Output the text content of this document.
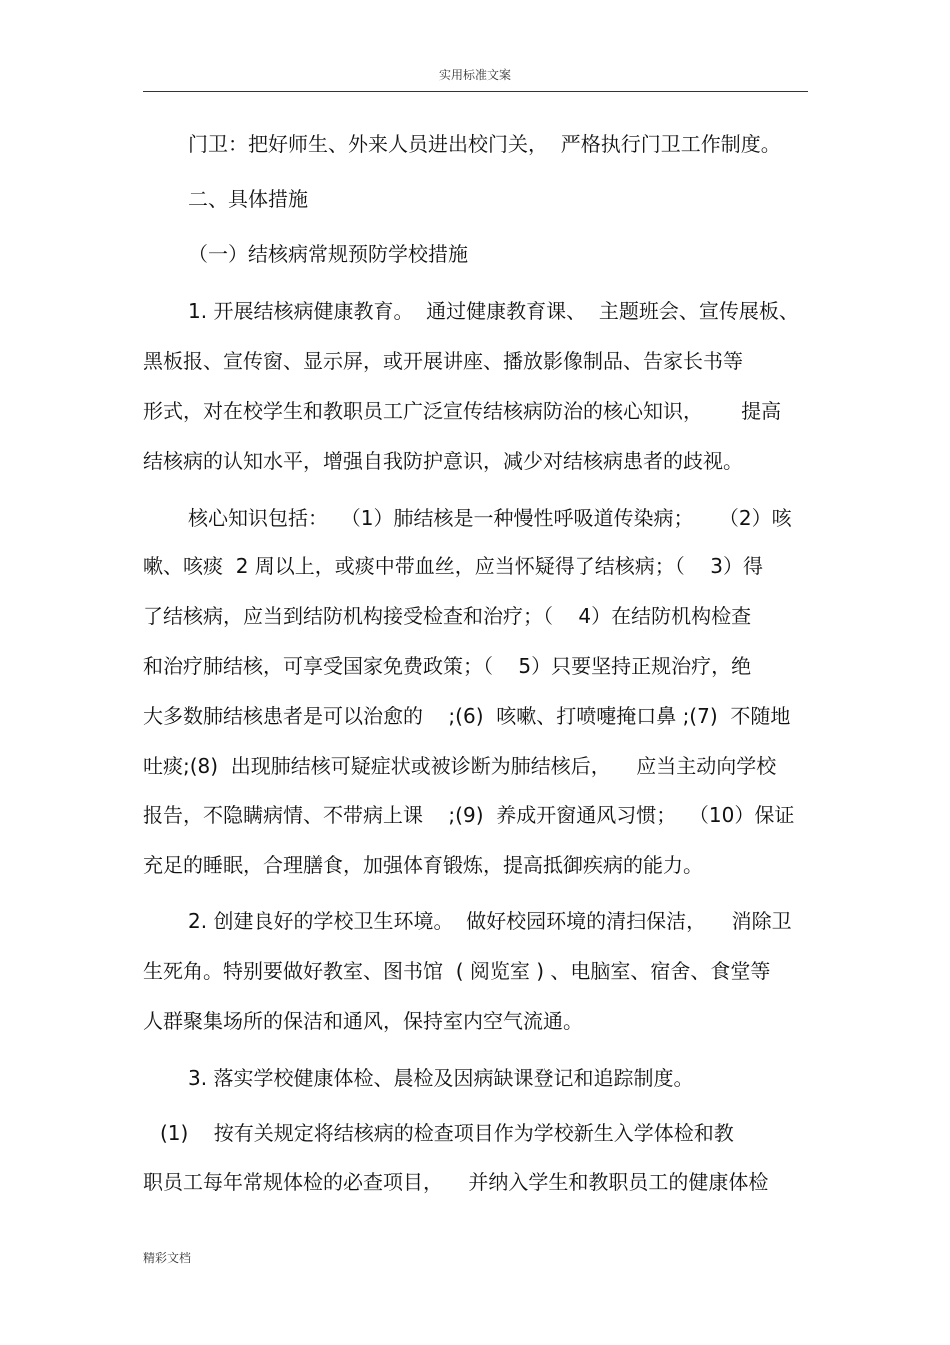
实用标准文案
门卫：把好师生、外来人员进出校门关，  严格执行门卫工作制度。
二、具体措施
（一）结核病常规预防学校措施
1. 开展结核病健康教育。  通过健康教育课、  主题班会、宣传展板、
黑板报、宣传窗、显示屏，或开展讲座、播放影像制品、告家长书等
形式，对在校学生和教职员工广泛宣传结核病防治的核心知识，      提高
结核病的认知水平，增强自我防护意识，减少对结核病患者的歧视。
核心知识包括：  （1）肺结核是一种慢性呼吸道传染病；    （2）咳
嗽、咳痰  2 周以上，或痰中带血丝，应当怀疑得了结核病；（    3）得
了结核病，应当到结防机构接受检查和治疗；（    4）在结防机构检查
和治疗肺结核，可享受国家免费政策；（    5）只要坚持正规治疗，绝
大多数肺结核患者是可以治愈的    ;(6)  咳嗽、打喷嚏掩口鼻 ;(7)  不随地
吐痰;(8)  出现肺结核可疑症状或被诊断为肺结核后，    应当主动向学校
报告，不隐瞒病情、不带病上课    ;(9)  养成开窗通风习惯；  （10）保证
充足的睡眠，合理膳食，加强体育锻炼，提高抵御疾病的能力。
2. 创建良好的学校卫生环境。  做好校园环境的清扫保洁，    消除卫
生死角。特别要做好教室、图书馆  ( 阅览室 ) 、电脑室、宿舍、食堂等
人群聚集场所的保洁和通风，保持室内空气流通。
3. 落实学校健康体检、晨检及因病缺课登记和追踪制度。
(1)    按有关规定将结核病的检查项目作为学校新生入学体检和教
职员工每年常规体检的必查项目，    并纳入学生和教职员工的健康体检
精彩文档
